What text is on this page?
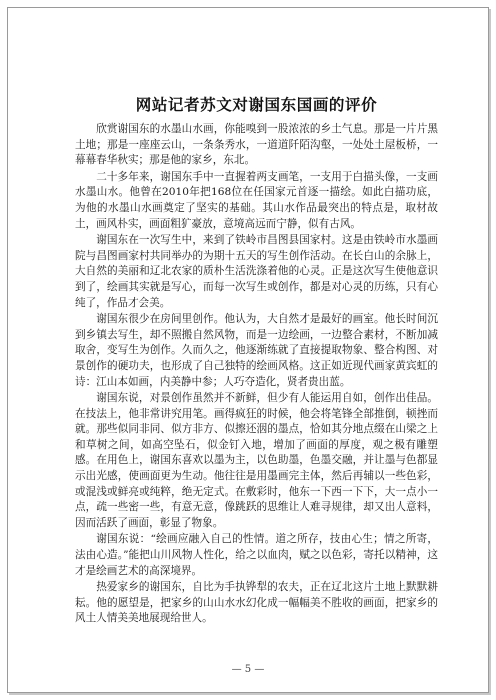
网站记者苏文对谢国东国画的评价

欣赏谢国东的水墨山水画，你能嗅到一股浓浓的乡土气息。那是一片片黑土地；那是一座座云山，一条条秀水，一道道阡陌沟壑，一处处土屋板桥，一幕幕春华秋实；那是他的家乡，东北。

二十多年来，谢国东手中一直握着两支画笔，一支用于白描头像，一支画水墨山水。他曾在2010年把168位在任国家元首逐一描绘。如此白描功底，为他的水墨山水画奠定了坚实的基础。其山水作品最突出的特点是，取材故土，画风朴实，画面粗犷豪放，意境高远而宁静，似有古风。

谢国东在一次写生中，来到了铁岭市昌图县国家村。这是由铁岭市水墨画院与昌图画家村共同举办的为期十五天的写生创作活动。在长白山的余脉上，大自然的美丽和辽北农家的质朴生活洗涤着他的心灵。正是这次写生使他意识到了，绘画其实就是写心，而每一次写生或创作，都是对心灵的历练，只有心纯了，作品才会美。

谢国东很少在房间里创作。他认为，大自然才是最好的画室。他长时间沉到乡镇去写生，却不照搬自然风物，而是一边绘画，一边整合素材，不断加减取舍，变写生为创作。久而久之，他逐渐练就了直接提取物象、整合构图、对景创作的硬功夫，也形成了自己独特的绘画风格。这正如近现代画家黄宾虹的诗：江山本如画，内美静中参；人巧夺造化，贤者贵出蓝。

谢国东说，对景创作虽然并不新鲜，但少有人能运用自如，创作出佳品。在技法上，他非常讲究用笔。画得疯狂的时候，他会将笔锋全部推倒，顿挫而就。那些似同非同、似方非方、似擦还洇的墨点，恰如其分地点缀在山梁之上和草树之间，如高空坠石，似金钉入地，增加了画面的厚度，观之极有雕塑感。在用色上，谢国东喜欢以墨为主，以色助墨，色墨交融，并让墨与色都显示出光感，使画面更为生动。他往往是用墨画完主体，然后再辅以一些色彩，或混浅或鲜亮或纯粹，绝无定式。在敷彩时，他东一下西一下下，大一点小一点，疏一些密一些，有意无意，像跳跃的思维让人难寻规律，却又出人意料，因而活跃了画面，彰显了物象。

谢国东说：“绘画应融入自己的性情。道之所存，技由心生；情之所寄，法由心造。”能把山川风物人性化，给之以血肉，赋之以色彩，寄托以精神，这才是绘画艺术的高深境界。

热爱家乡的谢国东，自比为手执铧犁的农夫，正在辽北这片土地上默默耕耘。他的愿望是，把家乡的山山水水幻化成一幅幅美不胜收的画面，把家乡的风土人情美美地展现给世人。

— 5 —
